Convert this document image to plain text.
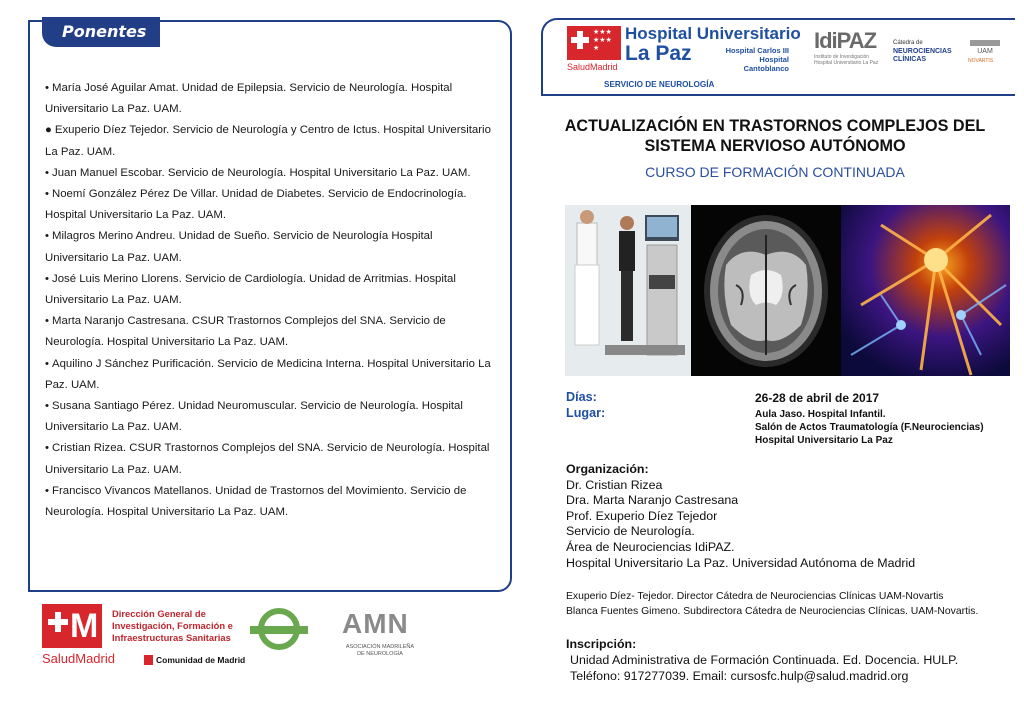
Ponentes
• María José Aguilar Amat. Unidad de Epilepsia. Servicio de Neurología. Hospital Universitario La Paz. UAM.
● Exuperio Díez Tejedor. Servicio de Neurología y Centro de Ictus. Hospital Universitario La Paz. UAM.
• Juan Manuel Escobar. Servicio de Neurología. Hospital Universitario La Paz. UAM.
• Noemí González Pérez De Villar. Unidad de Diabetes. Servicio de Endocrinología. Hospital Universitario La Paz. UAM.
• Milagros Merino Andreu. Unidad de Sueño. Servicio de Neurología Hospital Universitario La Paz. UAM.
• José Luis Merino Llorens. Servicio de Cardiología. Unidad de Arritmias. Hospital Universitario La Paz. UAM.
• Marta Naranjo Castresana. CSUR Trastornos Complejos del SNA. Servicio de Neurología. Hospital Universitario La Paz. UAM.
• Aquilino J Sánchez Purificación. Servicio de Medicina Interna. Hospital Universitario La Paz. UAM.
• Susana Santiago Pérez. Unidad Neuromuscular. Servicio de Neurología. Hospital Universitario La Paz. UAM.
• Cristian Rizea. CSUR Trastornos Complejos del SNA. Servicio de Neurología. Hospital Universitario La Paz. UAM.
• Francisco Vivancos Matellanos. Unidad de Trastornos del Movimiento. Servicio de Neurología. Hospital Universitario La Paz. UAM.
M
SaludMadrid
Dirección General de Investigación, Formación e Infraestructuras Sanitarias
Comunidad de Madrid
AMN
ASOCIACIÓN MADRILEÑA DE NEUROLOGÍA
★★★ ★★★ ★
SaludMadrid
Hospital Universitario
La Paz	Hospital Carlos III Hospital Cantoblanco
IdiPAZ
Instituto de Investigación Hospital Universitario La Paz
Cátedra de
NEUROCIENCIAS CLÍNICAS
UAM
NOVARTIS
SERVICIO DE NEUROLOGÍA
ACTUALIZACIÓN EN TRASTORNOS COMPLEJOS DEL SISTEMA NERVIOSO AUTÓNOMO
CURSO DE FORMACIÓN CONTINUADA
Días:	26-28 de abril de 2017
Lugar:	Aula Jaso. Hospital Infantil.
Salón de Actos Traumatología (F.Neurociencias)
Hospital Universitario La Paz
Organización:
Dr. Cristian Rizea
Dra. Marta Naranjo Castresana
Prof. Exuperio Díez Tejedor
Servicio de Neurología.
Área de Neurociencias IdiPAZ.
Hospital Universitario La Paz. Universidad Autónoma de Madrid
Exuperio Díez- Tejedor. Director Cátedra de Neurociencias Clínicas UAM-Novartis
Blanca Fuentes Gimeno. Subdirectora Cátedra de Neurociencias Clínicas. UAM-Novartis.
Inscripción:
Unidad Administrativa de Formación Continuada. Ed. Docencia. HULP.
Teléfono: 917277039. Email: cursosfc.hulp@salud.madrid.org
